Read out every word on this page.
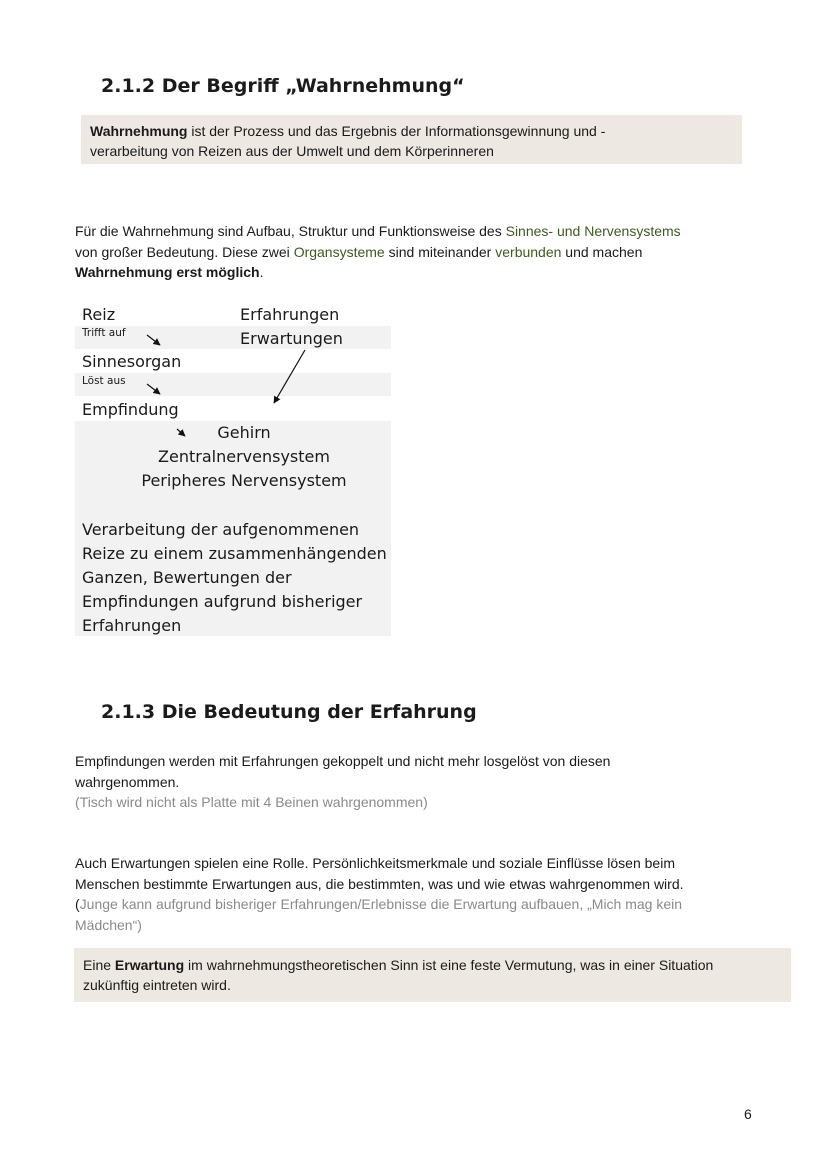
2.1.2 Der Begriff „Wahrnehmung“
Wahrnehmung ist der Prozess und das Ergebnis der Informationsgewinnung und -
verarbeitung von Reizen aus der Umwelt und dem Körperinneren
Für die Wahrnehmung sind Aufbau, Struktur und Funktionsweise des Sinnes- und Nervensystems
von großer Bedeutung. Diese zwei Organsysteme sind miteinander verbunden und machen
Wahrnehmung erst möglich.
Reiz
Trifft auf
Sinnesorgan
Löst aus
Empfindung
Erfahrungen
Erwartungen
Gehirn
Zentralnervensystem
Peripheres Nervensystem
Verarbeitung der aufgenommenen
Reize zu einem zusammenhängenden
Ganzen, Bewertungen der
Empfindungen aufgrund bisheriger
Erfahrungen
2.1.3 Die Bedeutung der Erfahrung
Empfindungen werden mit Erfahrungen gekoppelt und nicht mehr losgelöst von diesen
wahrgenommen.
(Tisch wird nicht als Platte mit 4 Beinen wahrgenommen)
Auch Erwartungen spielen eine Rolle. Persönlichkeitsmerkmale und soziale Einflüsse lösen beim
Menschen bestimmte Erwartungen aus, die bestimmten, was und wie etwas wahrgenommen wird.
(Junge kann aufgrund bisheriger Erfahrungen/Erlebnisse die Erwartung aufbauen, „Mich mag kein
Mädchen“)
Eine Erwartung im wahrnehmungstheoretischen Sinn ist eine feste Vermutung, was in einer Situation
zukünftig eintreten wird.
6
